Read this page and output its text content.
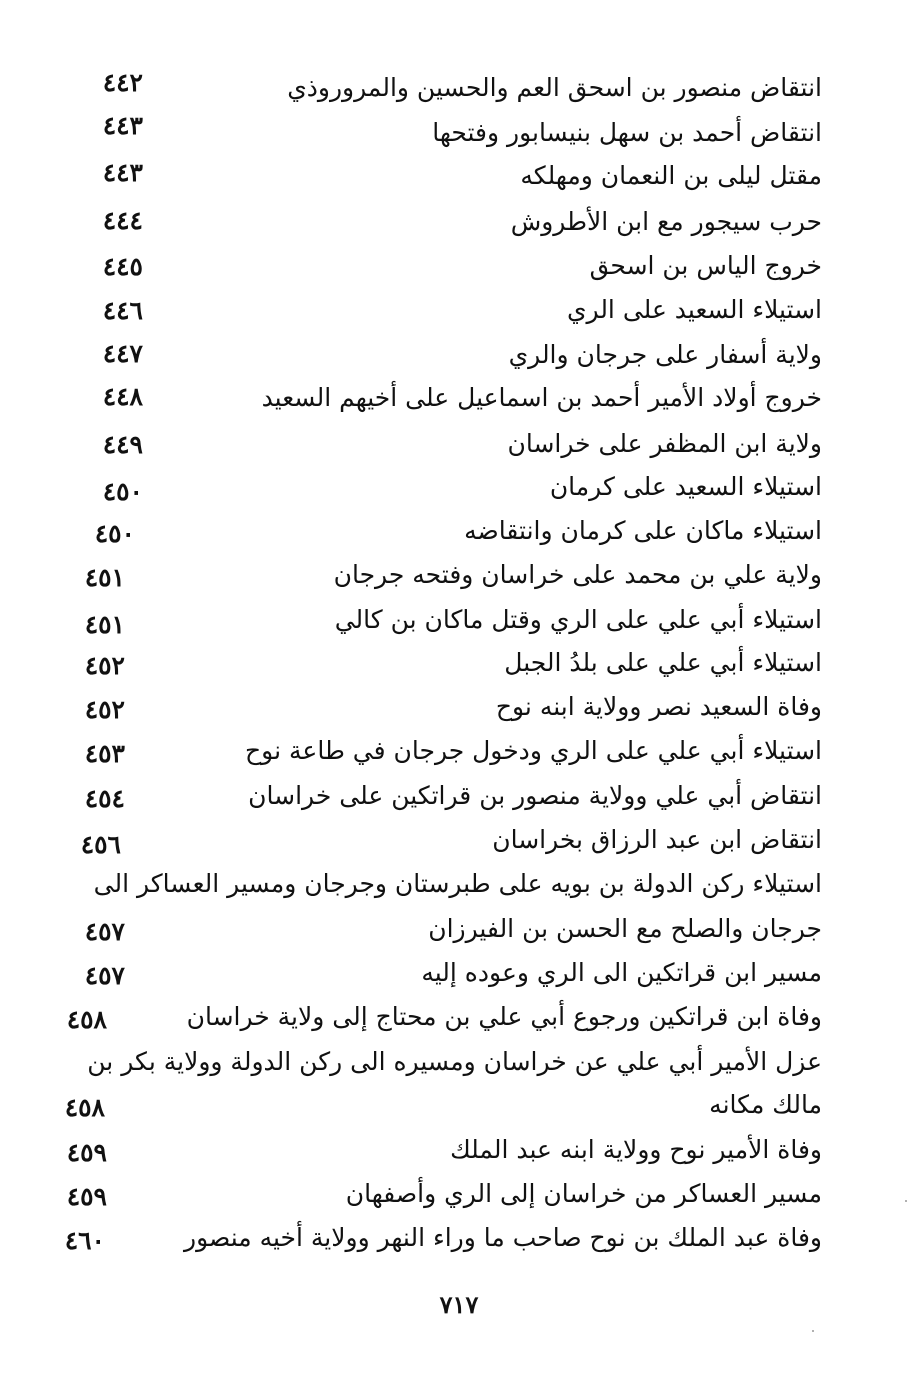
انتقاض منصور بن اسحق العم والحسين والمروروذي
٤٤٢
انتقاض أحمد بن سهل بنيسابور وفتحها
٤٤٣
مقتل ليلى بن النعمان ومهلكه
٤٤٣
حرب سيجور مع ابن الأطروش
٤٤٤
خروج الياس بن اسحق
٤٤٥
استيلاء السعيد على الري
٤٤٦
ولاية أسفار على جرجان والري
٤٤٧
خروج أولاد الأمير أحمد بن اسماعيل على أخيهم السعيد
٤٤٨
ولاية ابن المظفر على خراسان
٤٤٩
استيلاء السعيد على كرمان
٤٥٠
استيلاء ماكان على كرمان وانتقاضه
٤٥٠
ولاية علي بن محمد على خراسان وفتحه جرجان
٤٥١
استيلاء أبي علي على الري وقتل ماكان بن كالي
٤٥١
استيلاء أبي علي على بلدُ الجبل
٤٥٢
وفاة السعيد نصر وولاية ابنه نوح
٤٥٢
استيلاء أبي علي على الري ودخول جرجان في طاعة نوح
٤٥٣
انتقاض أبي علي وولاية منصور بن قراتكين على خراسان
٤٥٤
انتقاض ابن عبد الرزاق بخراسان
٤٥٦
استيلاء ركن الدولة بن بويه على طبرستان وجرجان ومسير العساكر الى
جرجان والصلح مع الحسن بن الفيرزان
٤٥٧
مسير ابن قراتكين الى الري وعوده إليه
٤٥٧
وفاة ابن قراتكين ورجوع أبي علي بن محتاج إلى ولاية خراسان
٤٥٨
عزل الأمير أبي علي عن خراسان ومسيره الى ركن الدولة وولاية بكر بن
مالك مكانه
٤٥٨
وفاة الأمير نوح وولاية ابنه عبد الملك
٤٥٩
مسير العساكر من خراسان إلى الري وأصفهان
٤٥٩
وفاة عبد الملك بن نوح صاحب ما وراء النهر وولاية أخيه منصور
٤٦٠
٧١٧
